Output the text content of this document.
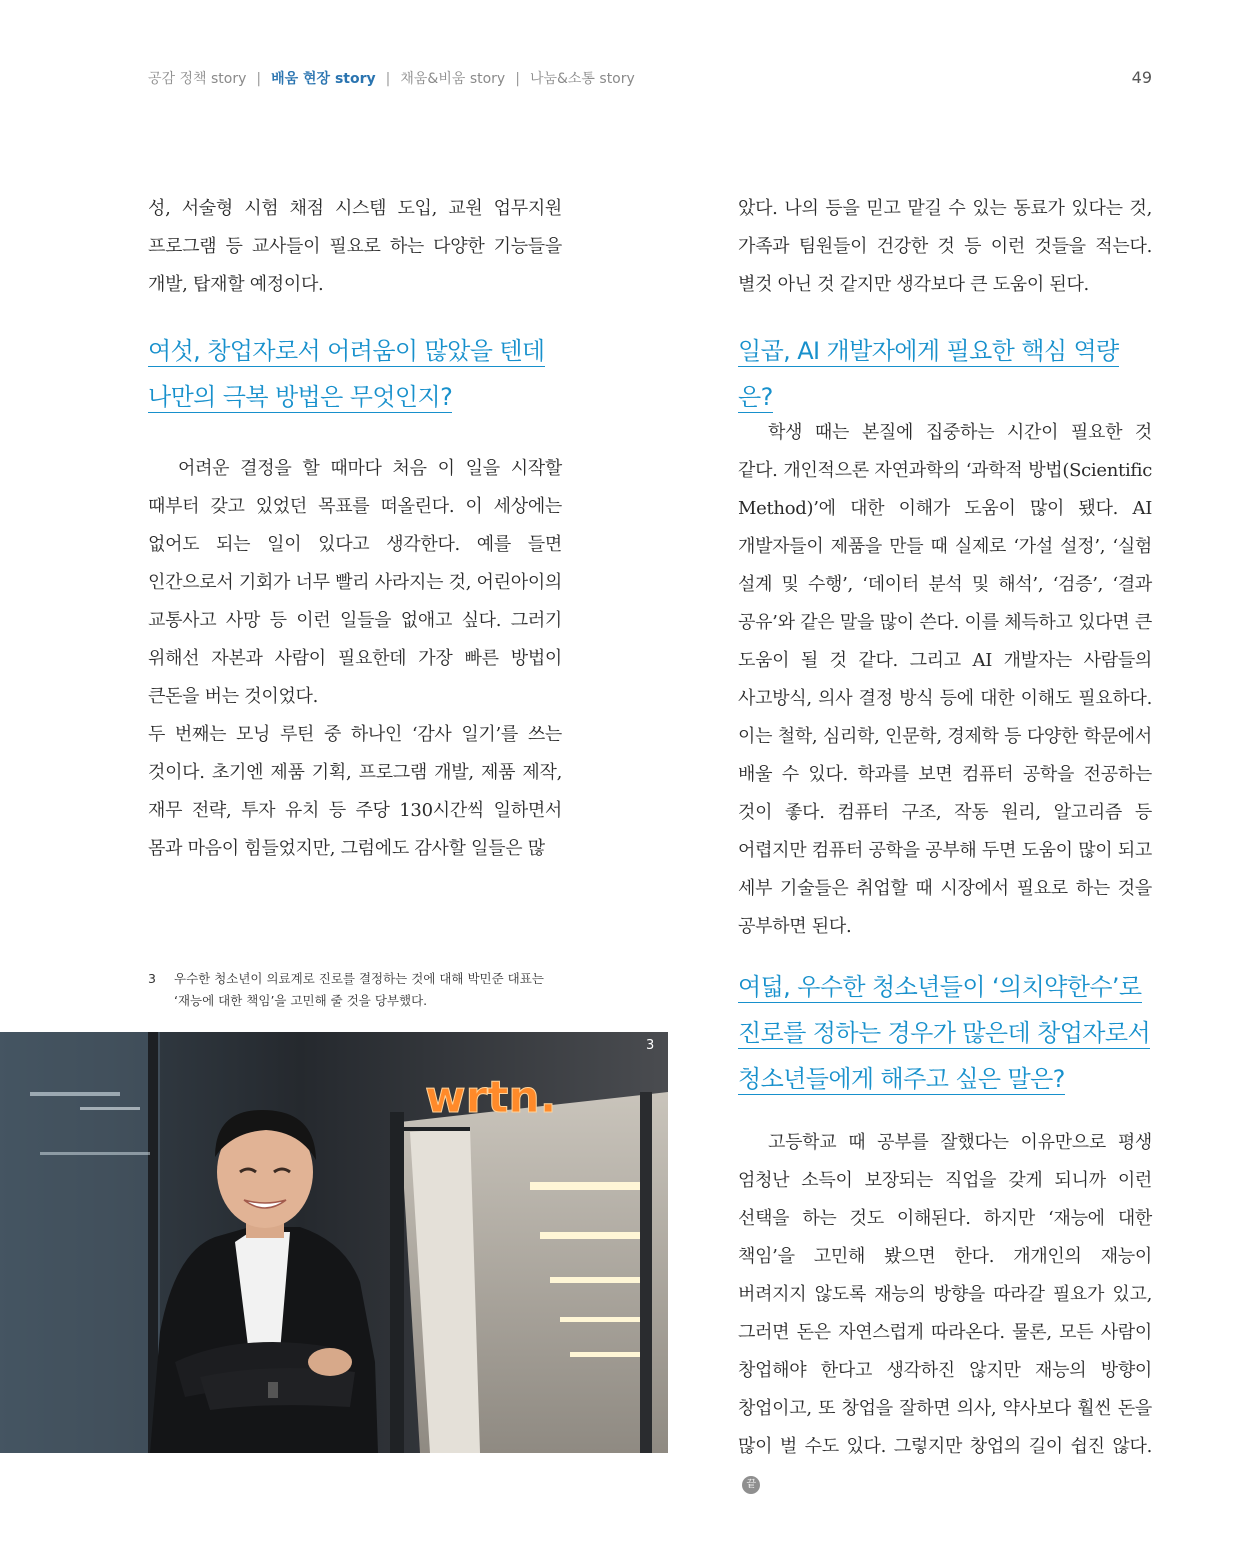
공감 정책 story | 배움 현장 story | 채움&비움 story | 나눔&소통 story	49

성, 서술형 시험 채점 시스템 도입, 교원 업무지원 프로그램 등 교사들이 필요로 하는 다양한 기능들을 개발, 탑재할 예정이다.

여섯, 창업자로서 어려움이 많았을 텐데 나만의 극복 방법은 무엇인지?

어려운 결정을 할 때마다 처음 이 일을 시작할 때부터 갖고 있었던 목표를 떠올린다. 이 세상에는 없어도 되는 일이 있다고 생각한다. 예를 들면 인간으로서 기회가 너무 빨리 사라지는 것, 어린아이의 교통사고 사망 등 이런 일들을 없애고 싶다. 그러기 위해선 자본과 사람이 필요한데 가장 빠른 방법이 큰돈을 버는 것이었다.

두 번째는 모닝 루틴 중 하나인 ‘감사 일기’를 쓰는 것이다. 초기엔 제품 기획, 프로그램 개발, 제품 제작, 재무 전략, 투자 유치 등 주당 130시간씩 일하면서 몸과 마음이 힘들었지만, 그럼에도 감사할 일들은 많

3 우수한 청소년이 의료계로 진로를 결정하는 것에 대해 박민준 대표는 ‘재능에 대한 책임’을 고민해 줄 것을 당부했다.
wrtn.
3

았다. 나의 등을 믿고 맡길 수 있는 동료가 있다는 것, 가족과 팀원들이 건강한 것 등 이런 것들을 적는다. 별것 아닌 것 같지만 생각보다 큰 도움이 된다.

일곱, AI 개발자에게 필요한 핵심 역량은?

학생 때는 본질에 집중하는 시간이 필요한 것 같다. 개인적으론 자연과학의 ‘과학적 방법(Scientific Method)’에 대한 이해가 도움이 많이 됐다. AI 개발자들이 제품을 만들 때 실제로 ‘가설 설정’, ‘실험 설계 및 수행’, ‘데이터 분석 및 해석’, ‘검증’, ‘결과 공유’와 같은 말을 많이 쓴다. 이를 체득하고 있다면 큰 도움이 될 것 같다. 그리고 AI 개발자는 사람들의 사고방식, 의사 결정 방식 등에 대한 이해도 필요하다. 이는 철학, 심리학, 인문학, 경제학 등 다양한 학문에서 배울 수 있다. 학과를 보면 컴퓨터 공학을 전공하는 것이 좋다. 컴퓨터 구조, 작동 원리, 알고리즘 등 어렵지만 컴퓨터 공학을 공부해 두면 도움이 많이 되고 세부 기술들은 취업할 때 시장에서 필요로 하는 것을 공부하면 된다.

여덟, 우수한 청소년들이 ‘의치약한수’로 진로를 정하는 경우가 많은데 창업자로서 청소년들에게 해주고 싶은 말은?

고등학교 때 공부를 잘했다는 이유만으로 평생 엄청난 소득이 보장되는 직업을 갖게 되니까 이런 선택을 하는 것도 이해된다. 하지만 ‘재능에 대한 책임’을 고민해 봤으면 한다. 개개인의 재능이 버려지지 않도록 재능의 방향을 따라갈 필요가 있고, 그러면 돈은 자연스럽게 따라온다. 물론, 모든 사람이 창업해야 한다고 생각하진 않지만 재능의 방향이 창업이고, 또 창업을 잘하면 의사, 약사보다 훨씬 돈을 많이 벌 수도 있다. 그렇지만 창업의 길이 쉽진 않다.끝
